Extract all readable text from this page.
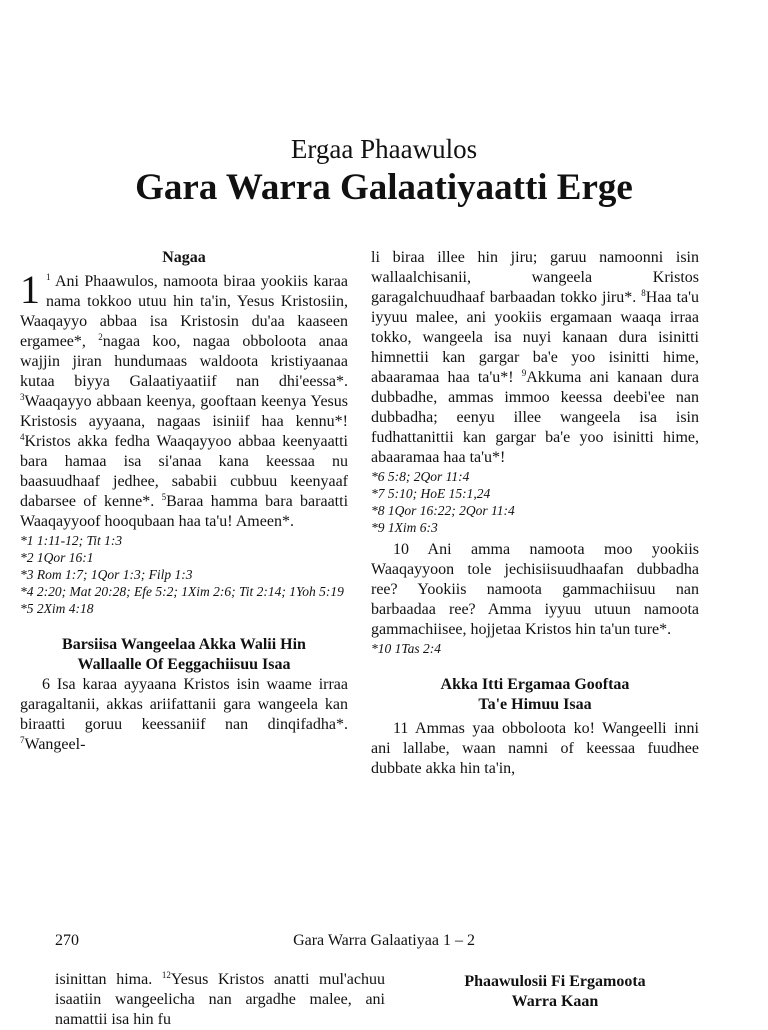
Ergaa Phaawulos
Gara Warra Galaatiyaatti Erge

Nagaa

1 $^1$ Ani Phaawulos, namoota biraa yookiis karaa nama tokkoo utuu hin ta'in, Yesus Kristosiin, Waaqayyo abbaa isa Kristosin du'aa kaaseen ergamee*, $^2$nagaa koo, nagaa obboloota anaa wajjin jiran hundumaas waldoota kristiyaanaa kutaa biyya Galaatiyaatiif nan dhi'eessa*. $^3$Waaqayyo abbaan keenya, gooftaan keenya Yesus Kristosis ayyaana, nagaas isiniif haa kennu*! $^4$Kristos akka fedha Waaqayyoo abbaa keenyaatti bara hamaa isa si'anaa kana keessaa nu baasuudhaaf jedhee, sababii cubbuu keenyaaf dabarsee of kenne*. $^5$Baraa hamma bara baraatti Waaqayyoof hooqubaan haa ta'u! Ameen*.

*1 1:11-12; Tit 1:3

*2 1Qor 16:1

*3 Rom 1:7; 1Qor 1:3; Filp 1:3

*4 2:20; Mat 20:28; Efe 5:2; 1Xim 2:6; Tit 2:14; 1Yoh 5:19

*5 2Xim 4:18

Barsiisa Wangeelaa Akka Walii Hin

Wallaalle Of Eeggachiisuu Isaa

6 Isa karaa ayyaana Kristos isin waame irraa garagaltanii, akkas ariifattanii gara wangeela kan biraatti goruu keessaniif nan dinqifadha*. $^7$Wangeel-

li biraa illee hin jiru; garuu namoonni isin wallaalchisanii, wangeela Kristos garagalchuudhaaf barbaadan tokko jiru*. $^8$Haa ta'u iyyuu malee, ani yookiis ergamaan waaqa irraa tokko, wangeela isa nuyi kanaan dura isinitti himnettii kan gargar ba'e yoo isinitti hime, abaaramaa haa ta'u*! $^9$Akkuma ani kanaan dura dubbadhe, ammas immoo keessa deebi'ee nan dubbadha; eenyu illee wangeela isa isin fudhattanittii kan gargar ba'e yoo isinitti hime, abaaramaa haa ta'u*!

*6 5:8; 2Qor 11:4

*7 5:10; HoE 15:1,24

*8 1Qor 16:22; 2Qor 11:4

*9 1Xim 6:3

10 Ani amma namoota moo yookiis Waaqayyoon tole jechisiisuudhaafan dubbadha ree? Yookiis namoota gammachiisuu nan barbaadaa ree? Amma iyyuu utuun namoota gammachiisee, hojjetaa Kristos hin ta'un ture*.

*10 1Tas 2:4

Akka Itti Ergamaa Gooftaa

Ta'e Himuu Isaa

11 Ammas yaa obboloota ko! Wangeelli inni ani lallabe, waan namni of keessaa fuudhee dubbate akka hin ta'in,

270	Gara Warra Galaatiyaa 1 – 2
isinittan hima. $^{12}$Yesus Kristos anatti mul'achuu isaatiin wangeelicha nan argadhe malee, ani namattii isa hin fu
Phaawulosii Fi Ergamoota
Warra Kaan
